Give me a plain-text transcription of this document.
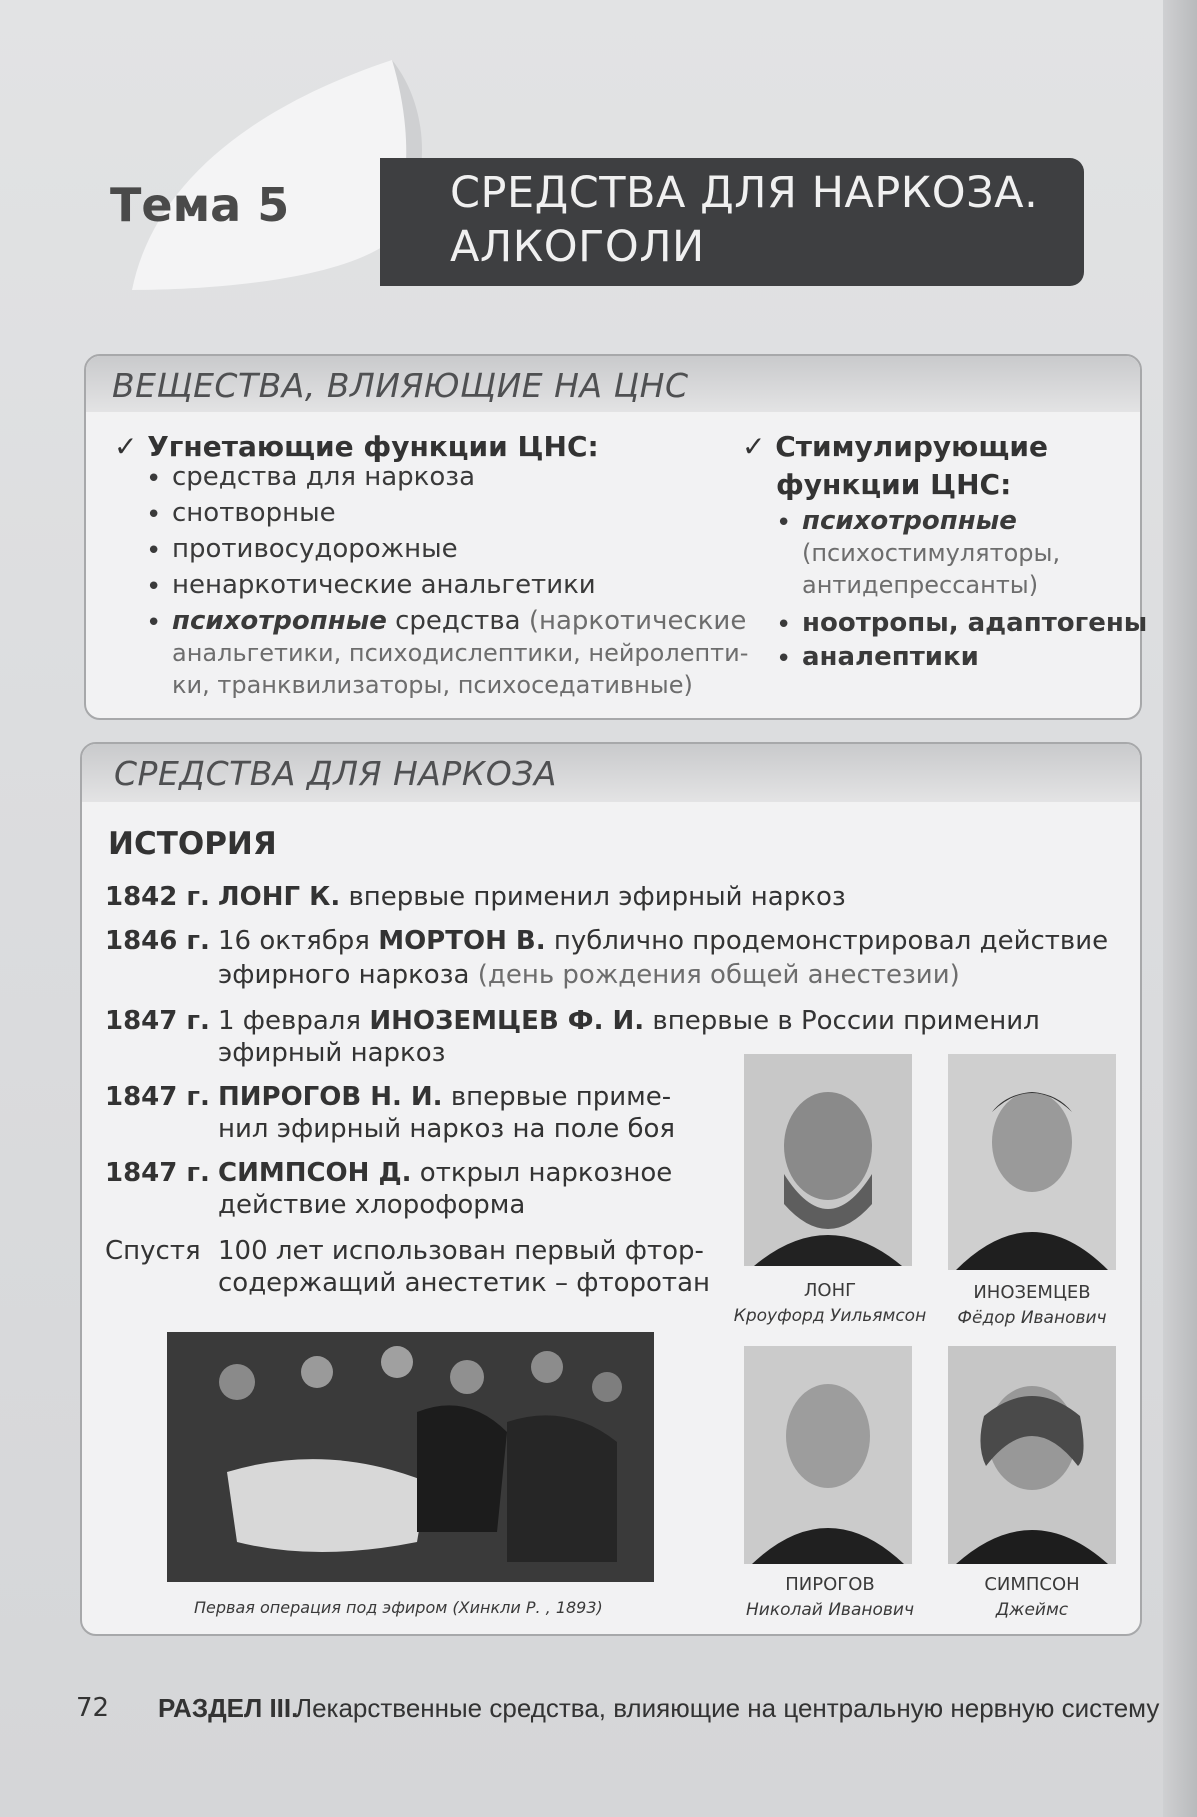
Тема 5	СРЕДСТВА ДЛЯ НАРКОЗА.
АЛКОГОЛИ
ВЕЩЕСТВА, ВЛИЯЮЩИЕ НА ЦНС
✓ Угнетающие функции ЦНС:
• средства для наркоза
• снотворные
• противосудорожные
• ненаркотические анальгетики
• психотропные средства (наркотические
анальгетики, психодислептики, нейролепти-
ки, транквилизаторы, психоседативные)
✓ Стимулирующие
функции ЦНС:
• психотропные
(психостимуляторы,
антидепрессанты)
• ноотропы, адаптогены
• аналептики
СРЕДСТВА ДЛЯ НАРКОЗА
ИСТОРИЯ
1842 г. ЛОНГ К. впервые применил эфирный наркоз
1846 г. 16 октября МОРТОН В. публично продемонстрировал действие
эфирного наркоза (день рождения общей анестезии)
1847 г. 1 февраля ИНОЗЕМЦЕВ Ф. И. впервые в России применил
эфирный наркоз
1847 г. ПИРОГОВ Н. И. впервые приме-
нил эфирный наркоз на поле боя
1847 г. СИМПСОН Д. открыл наркозное
действие хлороформа
Спустя 100 лет использован первый фтор-
содержащий анестетик – фторотан	ЛОНГ
Кроуфорд Уильямсон
ИНОЗЕМЦЕВ
Фёдор Иванович
ПИРОГОВ
Николай Иванович
СИМПСОН
Джеймс
Первая операция под эфиром (Хинкли Р. , 1893)
72 РАЗДЕЛ III.
Лекарственные средства, влияющие на центральную нервную систему
